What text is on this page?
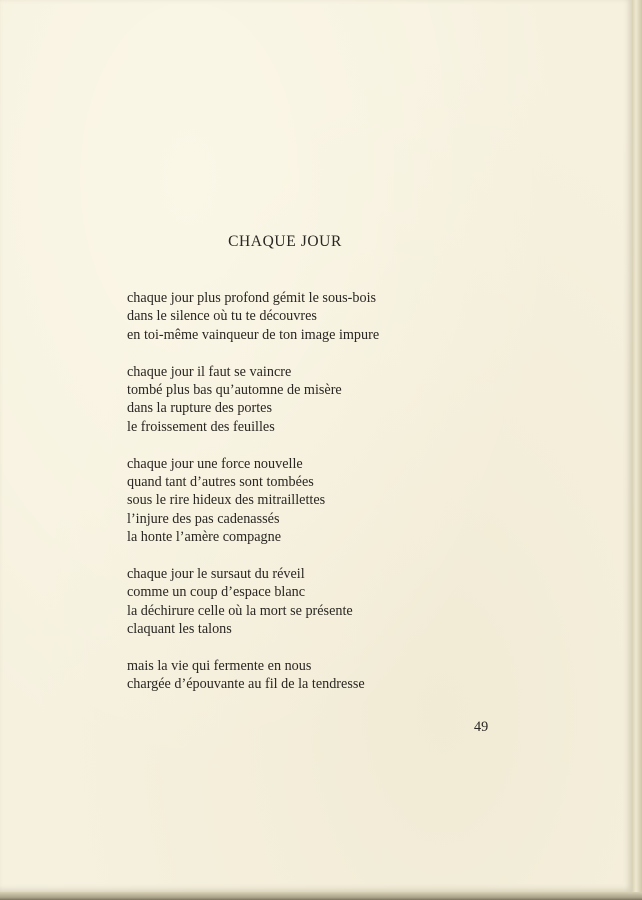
CHAQUE JOUR
chaque jour plus profond gémit le sous-bois
dans le silence où tu te découvres
en toi-même vainqueur de ton image impure
chaque jour il faut se vaincre
tombé plus bas qu’automne de misère
dans la rupture des portes
le froissement des feuilles
chaque jour une force nouvelle
quand tant d’autres sont tombées
sous le rire hideux des mitraillettes
l’injure des pas cadenassés
la honte l’amère compagne
chaque jour le sursaut du réveil
comme un coup d’espace blanc
la déchirure celle où la mort se présente
claquant les talons
mais la vie qui fermente en nous
chargée d’épouvante au fil de la tendresse
49
